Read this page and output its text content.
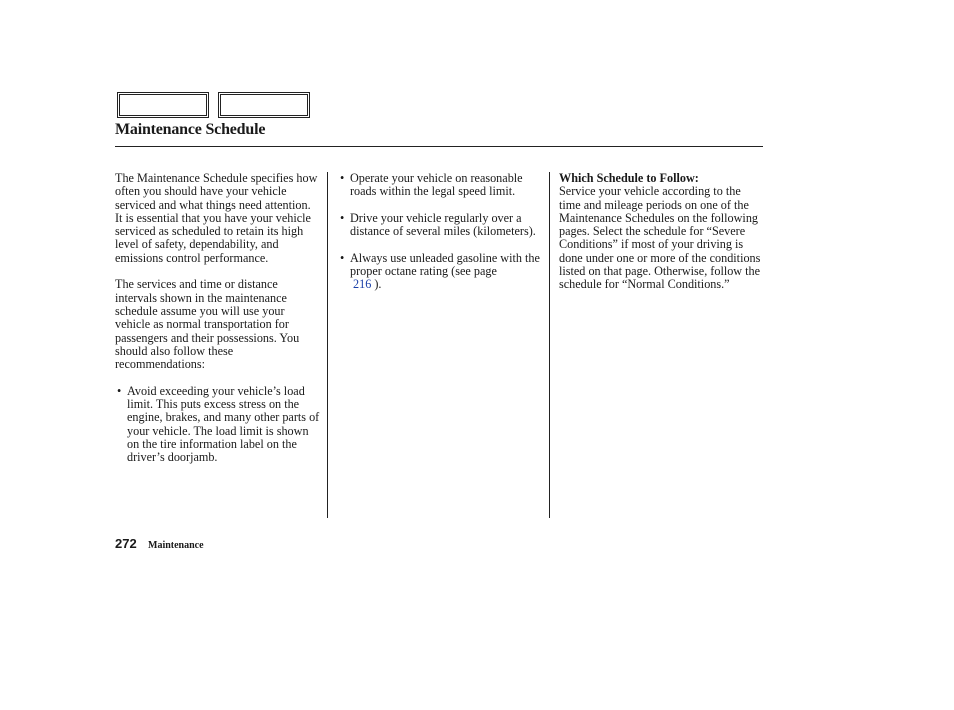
Maintenance Schedule

The Maintenance Schedule specifies how often you should have your vehicle serviced and what things need attention. It is essential that you have your vehicle serviced as scheduled to retain its high level of safety, dependability, and emissions control performance.

The services and time or distance intervals shown in the maintenance schedule assume you will use your vehicle as normal transportation for passengers and their possessions. You should also follow these recommendations:

• Avoid exceeding your vehicle’s load limit. This puts excess stress on the engine, brakes, and many other parts of your vehicle. The load limit is shown on the tire information label on the driver’s doorjamb.
• Operate your vehicle on reasonable roads within the legal speed limit.
• Drive your vehicle regularly over a distance of several miles (kilometers).
• Always use unleaded gasoline with the proper octane rating (see page
216 ).
Which Schedule to Follow:
Service your vehicle according to the time and mileage periods on one of the Maintenance Schedules on the following pages. Select the schedule for “Severe Conditions” if most of your driving is done under one or more of the conditions listed on that page. Otherwise, follow the schedule for “Normal Conditions.”
272 Maintenance
